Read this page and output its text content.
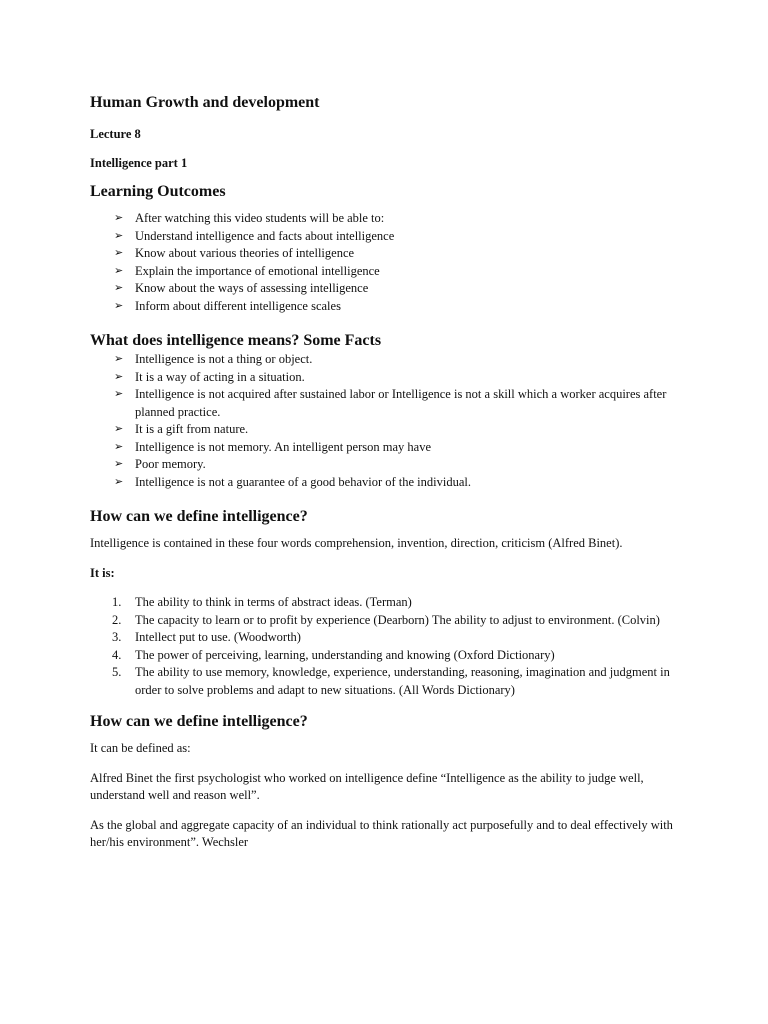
Human Growth and development
Lecture 8
Intelligence part 1
Learning Outcomes
➢ After watching this video students will be able to:
➢ Understand intelligence and facts about intelligence
➢ Know about various theories of intelligence
➢ Explain the importance of emotional intelligence
➢ Know about the ways of assessing intelligence
➢ Inform about different intelligence scales
What does intelligence means? Some Facts
➢ Intelligence is not a thing or object.
➢ It is a way of acting in a situation.
➢ Intelligence is not acquired after sustained labor or Intelligence is not a skill which a worker acquires after planned practice.
➢ It is a gift from nature.
➢ Intelligence is not memory. An intelligent person may have
➢ Poor memory.
➢ Intelligence is not a guarantee of a good behavior of the individual.
How can we define intelligence?

Intelligence is contained in these four words comprehension, invention, direction, criticism (Alfred Binet).

It is:
1. The ability to think in terms of abstract ideas. (Terman)
2. The capacity to learn or to profit by experience (Dearborn) The ability to adjust to environment. (Colvin)
3. Intellect put to use. (Woodworth)
4. The power of perceiving, learning, understanding and knowing (Oxford Dictionary)
5. The ability to use memory, knowledge, experience, understanding, reasoning, imagination and judgment in order to solve problems and adapt to new situations. (All Words Dictionary)
How can we define intelligence?

It can be defined as:

Alfred Binet the first psychologist who worked on intelligence define “Intelligence as the ability to judge well, understand well and reason well”.

As the global and aggregate capacity of an individual to think rationally act purposefully and to deal effectively with her/his environment”. Wechsler
